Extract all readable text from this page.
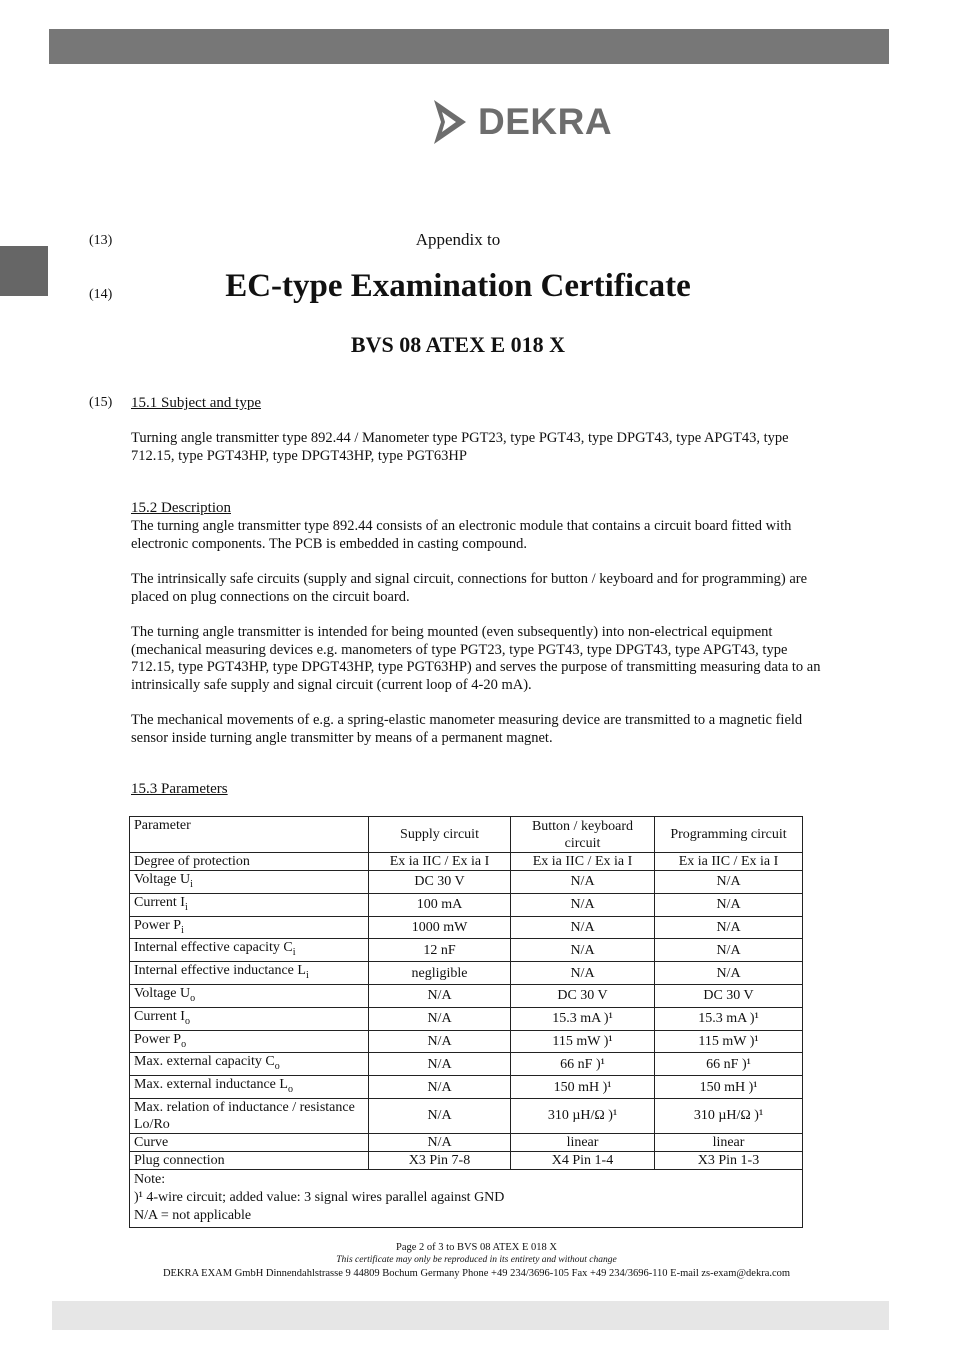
DEKRA
(13)	Appendix to
(14)	EC-type Examination Certificate
BVS 08 ATEX E 018 X
(15) 15.1 Subject and type

Turning angle transmitter type 892.44 / Manometer type PGT23, type PGT43, type DPGT43, type APGT43, type 712.15, type PGT43HP, type DPGT43HP, type PGT63HP

15.2 Description

The turning angle transmitter type 892.44 consists of an electronic module that contains a circuit board fitted with electronic components. The PCB is embedded in casting compound.

The intrinsically safe circuits (supply and signal circuit, connections for button / keyboard and for programming) are placed on plug connections on the circuit board.

The turning angle transmitter is intended for being mounted (even subsequently) into non-electrical equipment (mechanical measuring devices e.g. manometers of type PGT23, type PGT43, type DPGT43, type APGT43, type 712.15, type PGT43HP, type DPGT43HP, type PGT63HP) and serves the purpose of transmitting measuring data to an intrinsically safe supply and signal circuit (current loop of 4-20 mA).

The mechanical movements of e.g. a spring-elastic manometer measuring device are transmitted to a magnetic field sensor inside turning angle transmitter by means of a permanent magnet.

15.3 Parameters
Parameter	Supply circuit	Button / keyboard circuit	Programming circuit
Degree of protection	Ex ia IIC / Ex ia I	Ex ia IIC / Ex ia I	Ex ia IIC / Ex ia I
Voltage $U_i$	DC 30 V	N/A	N/A
Current $I_i$	100 mA	N/A	N/A
Power $P_i$	1000 mW	N/A	N/A
Internal effective capacity $C_i$	12 nF	N/A	N/A
Internal effective inductance $L_i$	negligible	N/A	N/A
Voltage $U_o$	N/A	DC 30 V	DC 30 V
Current $I_o$	N/A	15.3 mA )¹	15.3 mA )¹
Power $P_o$	N/A	115 mW )¹	115 mW )¹
Max. external capacity $C_o$	N/A	66 nF )¹	66 nF )¹
Max. external inductance $L_o$	N/A	150 mH )¹	150 mH )¹
Max. relation of inductance / resistance Lo/Ro	N/A	310 µH/Ω )¹	310 µH/Ω )¹
Curve	N/A	linear	linear
Plug connection	X3 Pin 7-8	X4 Pin 1-4	X3 Pin 1-3

Note:
)¹ 4-wire circuit; added value: 3 signal wires parallel against GND
N/A = not applicable			
Page 2 of 3 to BVS 08 ATEX E 018 X
This certificate may only be reproduced in its entirety and without change
DEKRA EXAM GmbH Dinnendahlstrasse 9 44809 Bochum Germany Phone +49 234/3696-105 Fax +49 234/3696-110 E-mail zs-exam@dekra.com
